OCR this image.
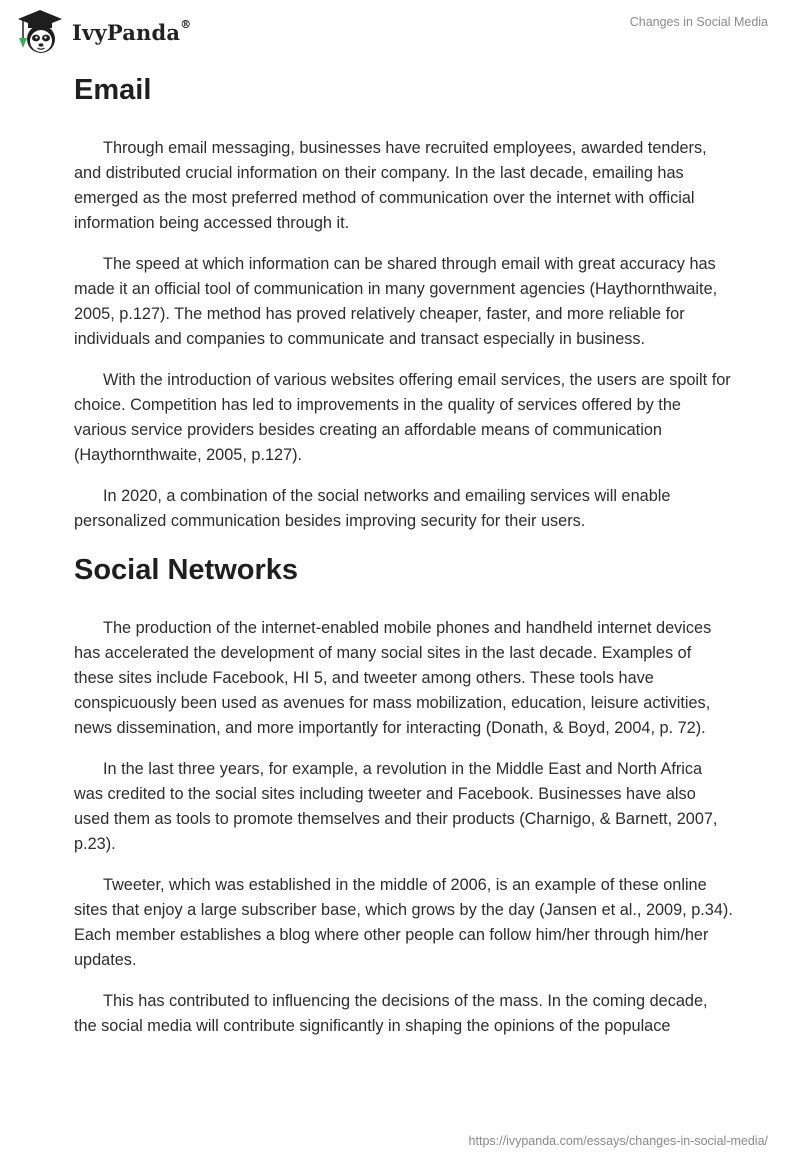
IvyPanda®	Changes in Social Media
Email

Through email messaging, businesses have recruited employees, awarded tenders, and distributed crucial information on their company. In the last decade, emailing has emerged as the most preferred method of communication over the internet with official information being accessed through it.

The speed at which information can be shared through email with great accuracy has made it an official tool of communication in many government agencies (Haythornthwaite, 2005, p.127). The method has proved relatively cheaper, faster, and more reliable for individuals and companies to communicate and transact especially in business.

With the introduction of various websites offering email services, the users are spoilt for choice. Competition has led to improvements in the quality of services offered by the various service providers besides creating an affordable means of communication (Haythornthwaite, 2005, p.127).

In 2020, a combination of the social networks and emailing services will enable personalized communication besides improving security for their users.

Social Networks

The production of the internet-enabled mobile phones and handheld internet devices has accelerated the development of many social sites in the last decade. Examples of these sites include Facebook, HI 5, and tweeter among others. These tools have conspicuously been used as avenues for mass mobilization, education, leisure activities, news dissemination, and more importantly for interacting (Donath, & Boyd, 2004, p. 72).

In the last three years, for example, a revolution in the Middle East and North Africa was credited to the social sites including tweeter and Facebook. Businesses have also used them as tools to promote themselves and their products (Charnigo, & Barnett, 2007, p.23).

Tweeter, which was established in the middle of 2006, is an example of these online sites that enjoy a large subscriber base, which grows by the day (Jansen et al., 2009, p.34). Each member establishes a blog where other people can follow him/her through him/her updates.

This has contributed to influencing the decisions of the mass. In the coming decade, the social media will contribute significantly in shaping the opinions of the populace

https://ivypanda.com/essays/changes-in-social-media/
